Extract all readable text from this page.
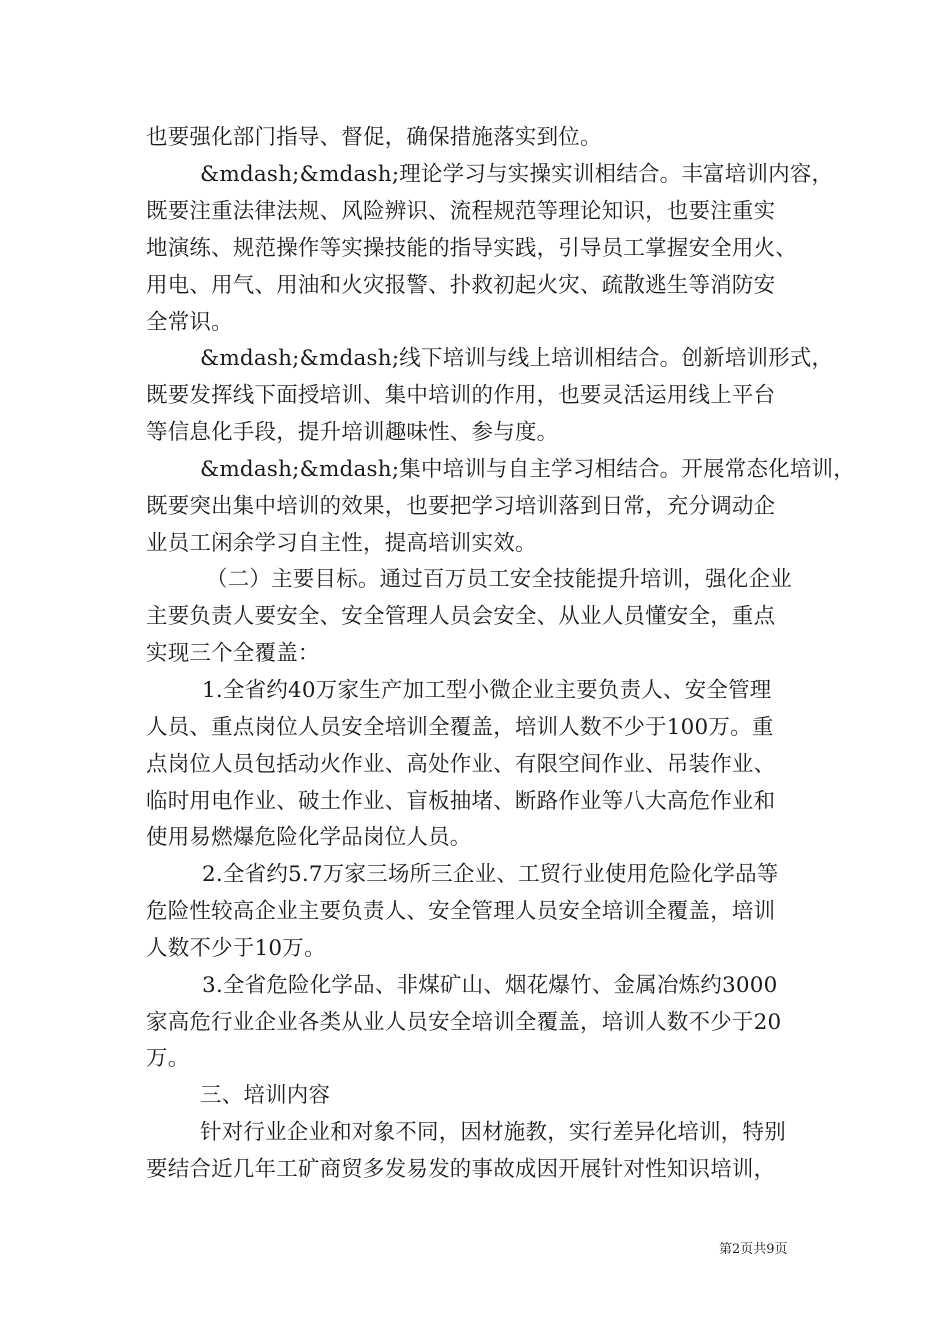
也要强化部门指导、督促，确保措施落实到位。
&mdash;&mdash;理论学习与实操实训相结合。丰富培训内容，
既要注重法律法规、风险辨识、流程规范等理论知识，也要注重实
地演练、规范操作等实操技能的指导实践，引导员工掌握安全用火、
用电、用气、用油和火灾报警、扑救初起火灾、疏散逃生等消防安
全常识。
&mdash;&mdash;线下培训与线上培训相结合。创新培训形式，
既要发挥线下面授培训、集中培训的作用，也要灵活运用线上平台
等信息化手段，提升培训趣味性、参与度。
&mdash;&mdash;集中培训与自主学习相结合。开展常态化培训，
既要突出集中培训的效果，也要把学习培训落到日常，充分调动企
业员工闲余学习自主性，提高培训实效。
（二）主要目标。通过百万员工安全技能提升培训，强化企业
主要负责人要安全、安全管理人员会安全、从业人员懂安全，重点
实现三个全覆盖：
1.全省约40万家生产加工型小微企业主要负责人、安全管理
人员、重点岗位人员安全培训全覆盖，培训人数不少于100万。重
点岗位人员包括动火作业、高处作业、有限空间作业、吊装作业、
临时用电作业、破土作业、盲板抽堵、断路作业等八大高危作业和
使用易燃爆危险化学品岗位人员。
2.全省约5.7万家三场所三企业、工贸行业使用危险化学品等
危险性较高企业主要负责人、安全管理人员安全培训全覆盖，培训
人数不少于10万。
3.全省危险化学品、非煤矿山、烟花爆竹、金属冶炼约3000
家高危行业企业各类从业人员安全培训全覆盖，培训人数不少于20
万。
三、培训内容
针对行业企业和对象不同，因材施教，实行差异化培训，特别
要结合近几年工矿商贸多发易发的事故成因开展针对性知识培训，
第2页共9页
